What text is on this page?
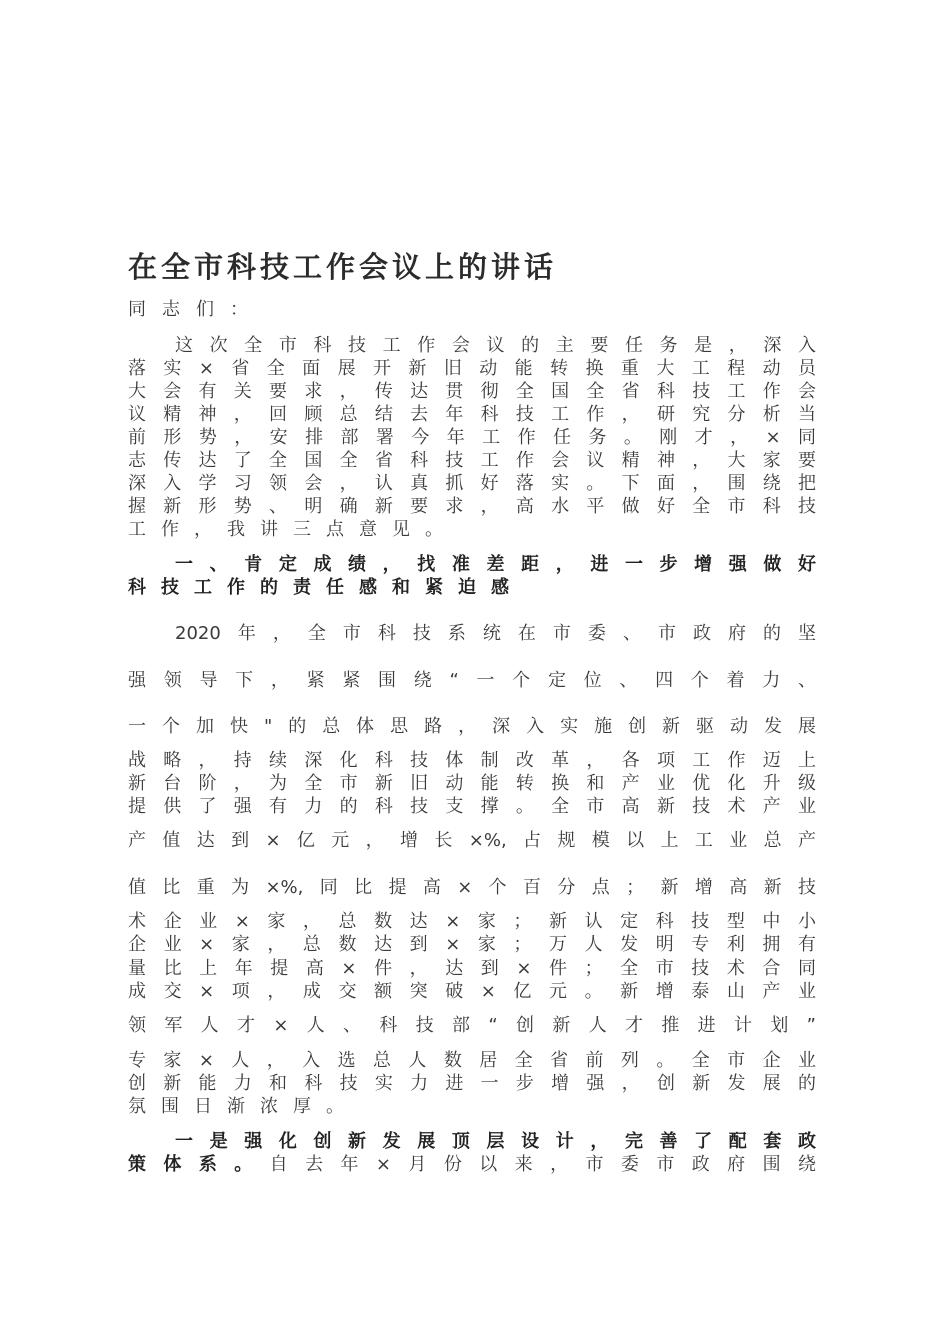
在全市科技工作会议上的讲话
同志们：
这次全市科技工作会议的主要任务是，深入
落实×省全面展开新旧动能转换重大工程动员
大会有关要求，传达贯彻全国全省科技工作会
议精神，回顾总结去年科技工作，研究分析当
前形势，安排部署今年工作任务。刚才，×同
志传达了全国全省科技工作会议精神，大家要
深入学习领会，认真抓好落实。下面，围绕把
握新形势、明确新要求，高水平做好全市科技
工作，我讲三点意见。
一、肯定成绩，找准差距，进一步增强做好
科技工作的责任感和紧迫感
2020年，全市科技系统在市委、市政府的坚
强领导下，紧紧围绕“一个定位、四个着力、
一个加快"的总体思路，深入实施创新驱动发展
战略，持续深化科技体制改革，各项工作迈上
新台阶，为全市新旧动能转换和产业优化升级
提供了强有力的科技支撑。全市高新技术产业
产值达到×亿元，增长×%,占规模以上工业总产
值比重为×%,同比提高×个百分点；新增高新技
术企业×家，总数达×家；新认定科技型中小
企业×家，总数达到×家；万人发明专利拥有
量比上年提高×件，达到×件；全市技术合同
成交×项，成交额突破×亿元。新增泰山产业
领军人才×人、科技部“创新人才推进计划”
专家×人，入选总人数居全省前列。全市企业
创新能力和科技实力进一步增强，创新发展的
氛围日渐浓厚。
一是强化创新发展顶层设计，完善了配套政
策体系。自去年×月份以来，市委市政府围绕
